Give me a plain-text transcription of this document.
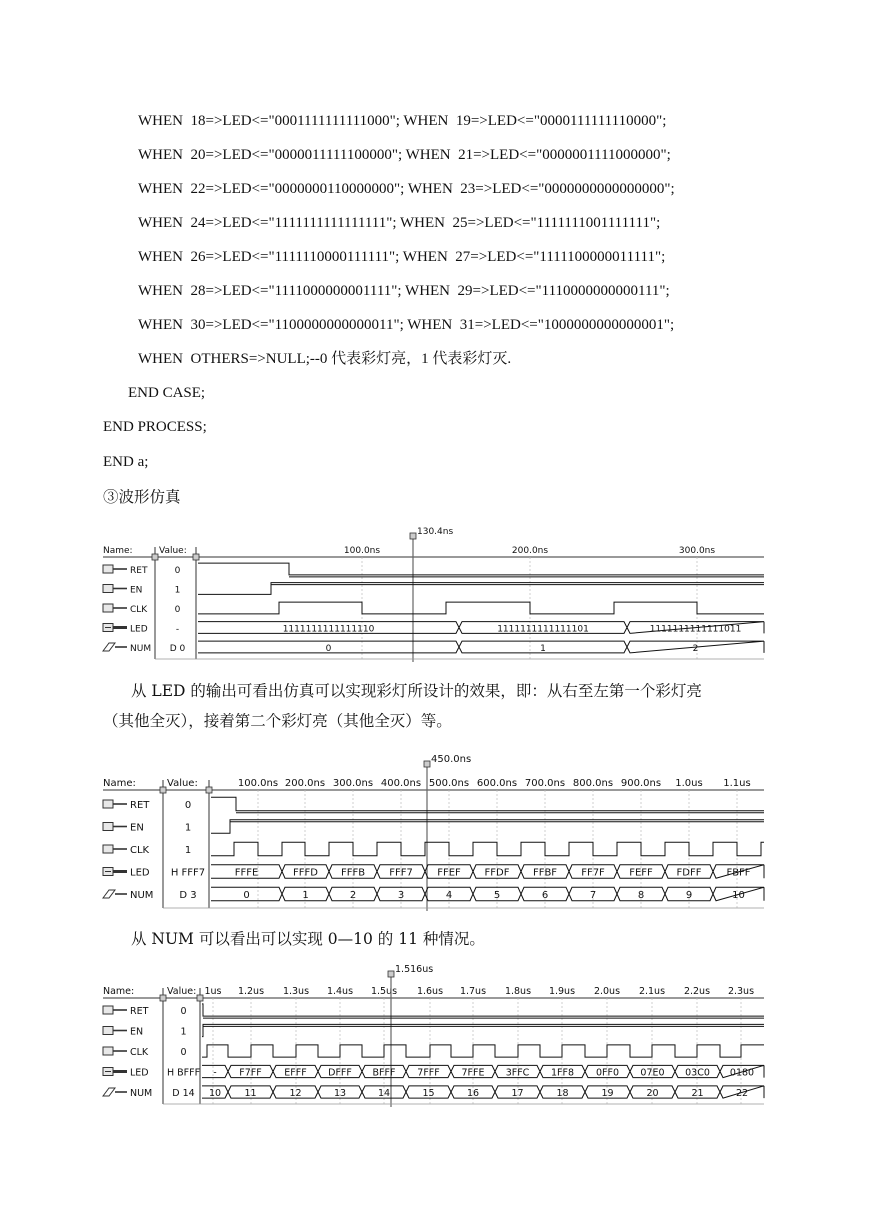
WHEN  18=>LED<="0001111111111000"; WHEN  19=>LED<="0000111111110000";
WHEN  20=>LED<="0000011111100000"; WHEN  21=>LED<="0000001111000000";
WHEN  22=>LED<="0000000110000000"; WHEN  23=>LED<="0000000000000000";
WHEN  24=>LED<="1111111111111111"; WHEN  25=>LED<="1111111001111111";
WHEN  26=>LED<="1111110000111111"; WHEN  27=>LED<="1111100000011111";
WHEN  28=>LED<="1111000000001111"; WHEN  29=>LED<="1110000000000111";
WHEN  30=>LED<="1100000000000011"; WHEN  31=>LED<="1000000000000001";
WHEN  OTHERS=>NULL;--0 代表彩灯亮，1 代表彩灯灭.
END CASE;
END PROCESS;
END a;
③波形仿真
Name:	Value:	100.0ns	200.0ns	300.0ns
130.4ns
RET	0
EN	1
CLK	0
LED	-	1111111111111110	1111111111111101	1111111111111011
NUM D 0	0	1	2
从 LED 的输出可看出仿真可以实现彩灯所设计的效果，即：从右至左第一个彩灯亮
（其他全灭），接着第二个彩灯亮（其他全灭）等。
从 NUM 可以看出可以实现 0—10 的 11 种情况。
Name:	Value:	100.0ns 200.0ns 300.0ns 400.0ns 500.0ns 600.0ns 700.0ns 800.0ns 900.0ns 1.0us 1.1us
450.0ns
RET	0
EN	1
CLK	1
LED H FFF7	FFFE	FFFD FFFB FFF7 FFEF FFDF FFBF FF7F FEFF FDFF FBFF
NUM	D 3	0	1	2	3	4	5	6	7	8	9	10
Name:	Value: 1us 1.2us 1.3us 1.4us 1.5us 1.6us 1.7us 1.8us 1.9us 2.0us 2.1us 2.2us 2.3us
1.516us
RET	0
EN	1
CLK	0
LED H BFFF - F7FF EFFF DFFF BFFF 7FFF 7FFE 3FFC 1FF8 0FF0 07E0 03C0 0180
NUM D 14 10 11	12	13	14	15	16	17	18	19	20	21	22
